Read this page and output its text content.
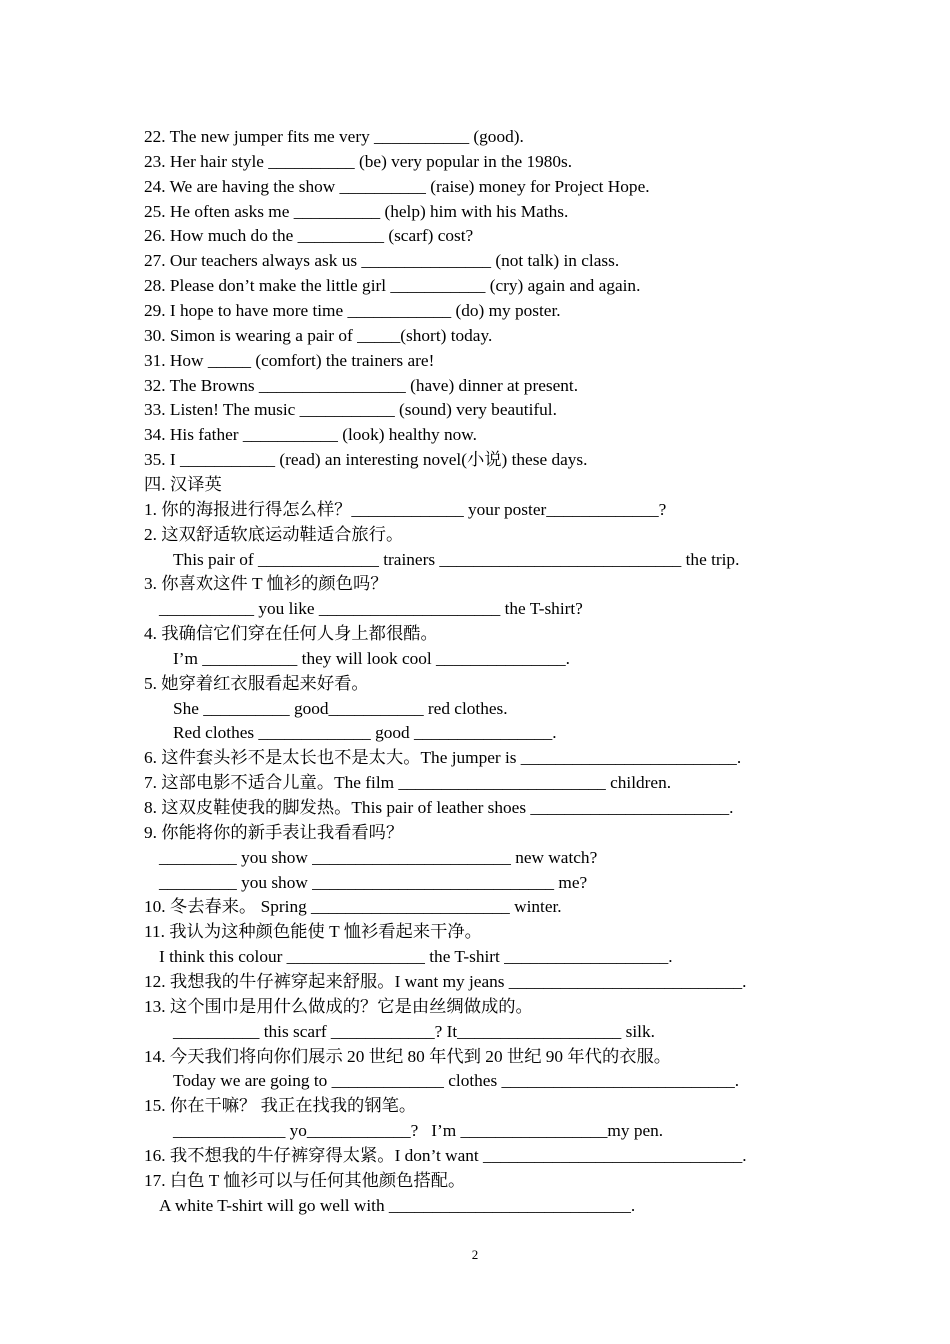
22. The new jumper fits me very ___________ (good).
23. Her hair style __________ (be) very popular in the 1980s.
24. We are having the show __________ (raise) money for Project Hope.
25. He often asks me __________ (help) him with his Maths.
26. How much do the __________ (scarf) cost?
27. Our teachers always ask us _______________ (not talk) in class.
28. Please don’t make the little girl ___________ (cry) again and again.
29. I hope to have more time ____________ (do) my poster.
30. Simon is wearing a pair of _____(short) today.
31. How _____ (comfort) the trainers are!
32. The Browns _________________ (have) dinner at present.
33. Listen! The music ___________ (sound) very beautiful.
34. His father ___________ (look) healthy now.
35. I ___________ (read) an interesting novel(小说) these days.
四. 汉译英
1. 你的海报进行得怎么样？_____________ your poster_____________?
2. 这双舒适软底运动鞋适合旅行。
This pair of ______________ trainers ____________________________ the trip.
3. 你喜欢这件 T 恤衫的颜色吗？
___________ you like _____________________ the T-shirt?
4. 我确信它们穿在任何人身上都很酷。
I’m ___________ they will look cool _______________.
5. 她穿着红衣服看起来好看。
She __________ good___________ red clothes.
Red clothes _____________ good ________________.
6. 这件套头衫不是太长也不是太大。The jumper is _________________________.
7. 这部电影不适合儿童。The film ________________________ children.
8. 这双皮鞋使我的脚发热。This pair of leather shoes _______________________.
9. 你能将你的新手表让我看看吗？
_________ you show _______________________ new watch?
_________ you show ____________________________ me?
10. 冬去春来。 Spring _______________________ winter.
11. 我认为这种颜色能使 T 恤衫看起来干净。
I think this colour ________________ the T-shirt ___________________.
12. 我想我的牛仔裤穿起来舒服。I want my jeans ___________________________.
13. 这个围巾是用什么做成的？它是由丝绸做成的。
__________ this scarf ____________? It___________________ silk.
14. 今天我们将向你们展示 20 世纪 80 年代到 20 世纪 90 年代的衣服。
Today we are going to _____________ clothes ___________________________.
15. 你在干嘛？ 我正在找我的钢笔。
_____________ yo____________?   I’m _________________my pen.
16. 我不想我的牛仔裤穿得太紧。I don’t want ______________________________.
17. 白色 T 恤衫可以与任何其他颜色搭配。
A white T-shirt will go well with ____________________________.
2
